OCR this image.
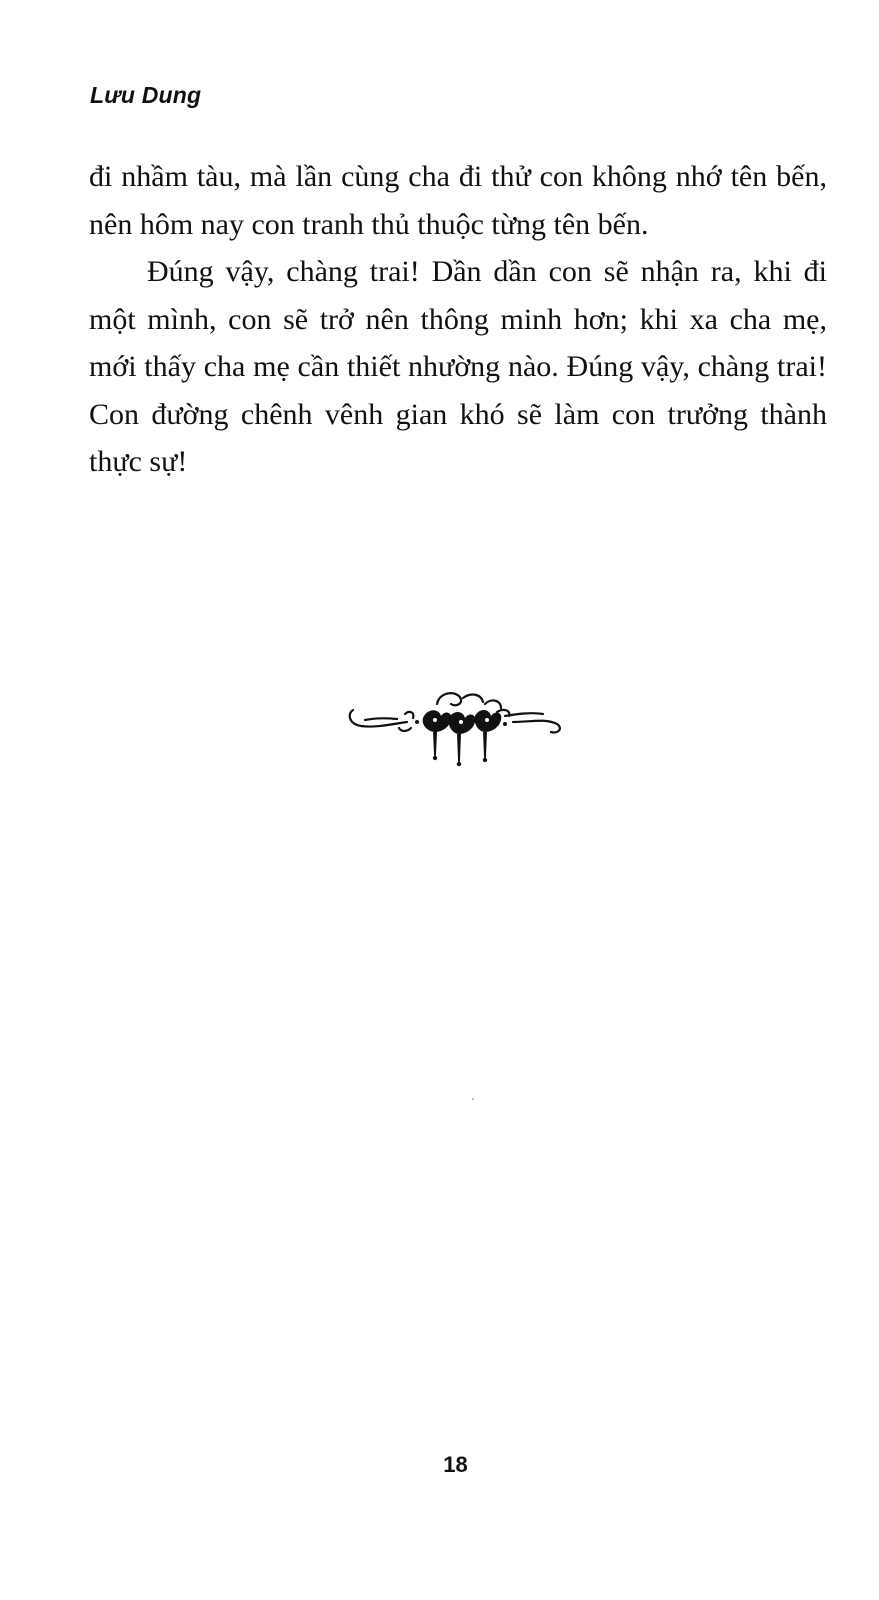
Lưu Dung

đi nhầm tàu, mà lần cùng cha đi thử con không nhớ tên bến, nên hôm nay con tranh thủ thuộc từng tên bến.

Đúng vậy, chàng trai! Dần dần con sẽ nhận ra, khi đi một mình, con sẽ trở nên thông minh hơn; khi xa cha mẹ, mới thấy cha mẹ cần thiết nhường nào. Đúng vậy, chàng trai! Con đường chênh vênh gian khó sẽ làm con trưởng thành thực sự!

18
